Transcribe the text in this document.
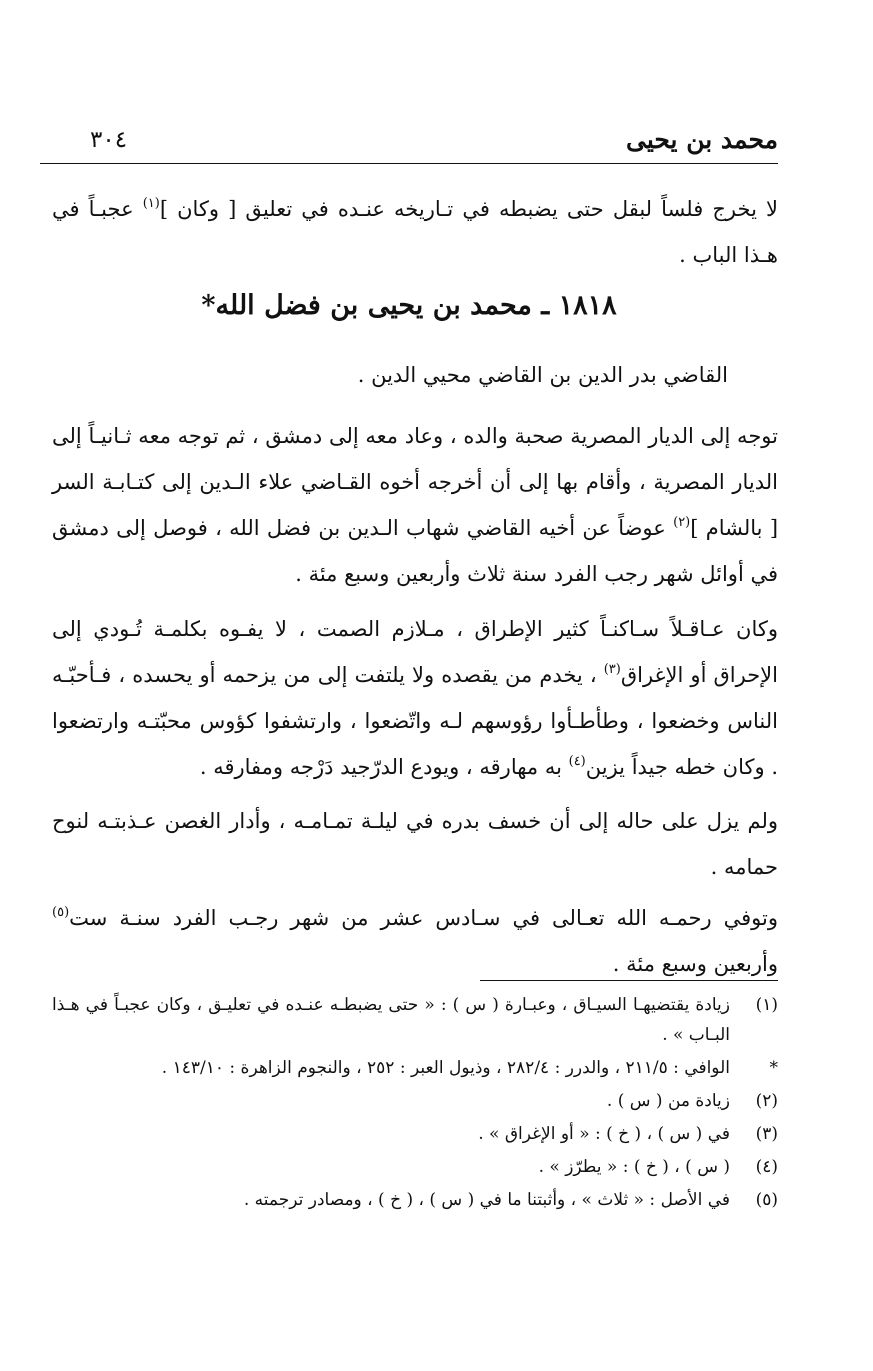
محمد بن يحيى
٣٠٤

لا يخرج فلساً لبقل حتى يضبطه في تـاريخه عنـده في تعليق [ وكان ]$^{(١)}$ عجبـاً في هـذا الباب .

١٨١٨ ـ محمد بن يحيى بن فضل الله*

القاضي بدر الدين بن القاضي محيي الدين .

توجه إلى الديار المصرية صحبة والده ، وعاد معه إلى دمشق ، ثم توجه معه ثـانيـاً إلى الديار المصرية ، وأقام بها إلى أن أخرجه أخوه القـاضي علاء الـدين إلى كتـابـة السر [ بالشام ]$^{(٢)}$ عوضاً عن أخيه القاضي شهاب الـدين بن فضل الله ، فوصل إلى دمشق في أوائل شهر رجب الفرد سنة ثلاث وأربعين وسبع مئة .

وكان عـاقـلاً سـاكنـاً كثير الإطراق ، مـلازم الصمت ، لا يفـوه بكلمـة تُـودي إلى الإحراق أو الإغراق$^{(٣)}$ ، يخدم من يقصده ولا يلتفت إلى من يزحمه أو يحسده ، فـأحبّـه الناس وخضعوا ، وطأطـأوا رؤوسهم لـه واتّضعوا ، وارتشفوا كؤوس محبّتـه وارتضعوا . وكان خطه جيداً يزين$^{(٤)}$ به مهارقه ، ويودع الدرّجيد دَرْجه ومفارقه .

ولم يزل على حاله إلى أن خسف بدره في ليلـة تمـامـه ، وأدار الغصن عـذبتـه لنوح حمامه .

وتوفي رحمـه الله تعـالى في سـادس عشر من شهر رجـب الفرد سنـة ست$^{(٥)}$ وأربعين وسبع مئة .

(١)
زيادة يقتضيهـا السيـاق ، وعبـارة ( س ) : « حتى يضبطـه عنـده في تعليـق ، وكان عجبـاً في هـذا البـاب » .
*
الوافي : ٢١١/٥ ، والدرر : ٢٨٢/٤ ، وذيول العبر : ٢٥٢ ، والنجوم الزاهرة : ١٤٣/١٠ .
(٢)
زيادة من ( س ) .
(٣)
في ( س ) ، ( خ ) : « أو الإغراق » .
(٤)
( س ) ، ( خ ) : « يطرّز » .
(٥)
في الأصل : « ثلاث » ، وأثبتنا ما في ( س ) ، ( خ ) ، ومصادر ترجمته .
